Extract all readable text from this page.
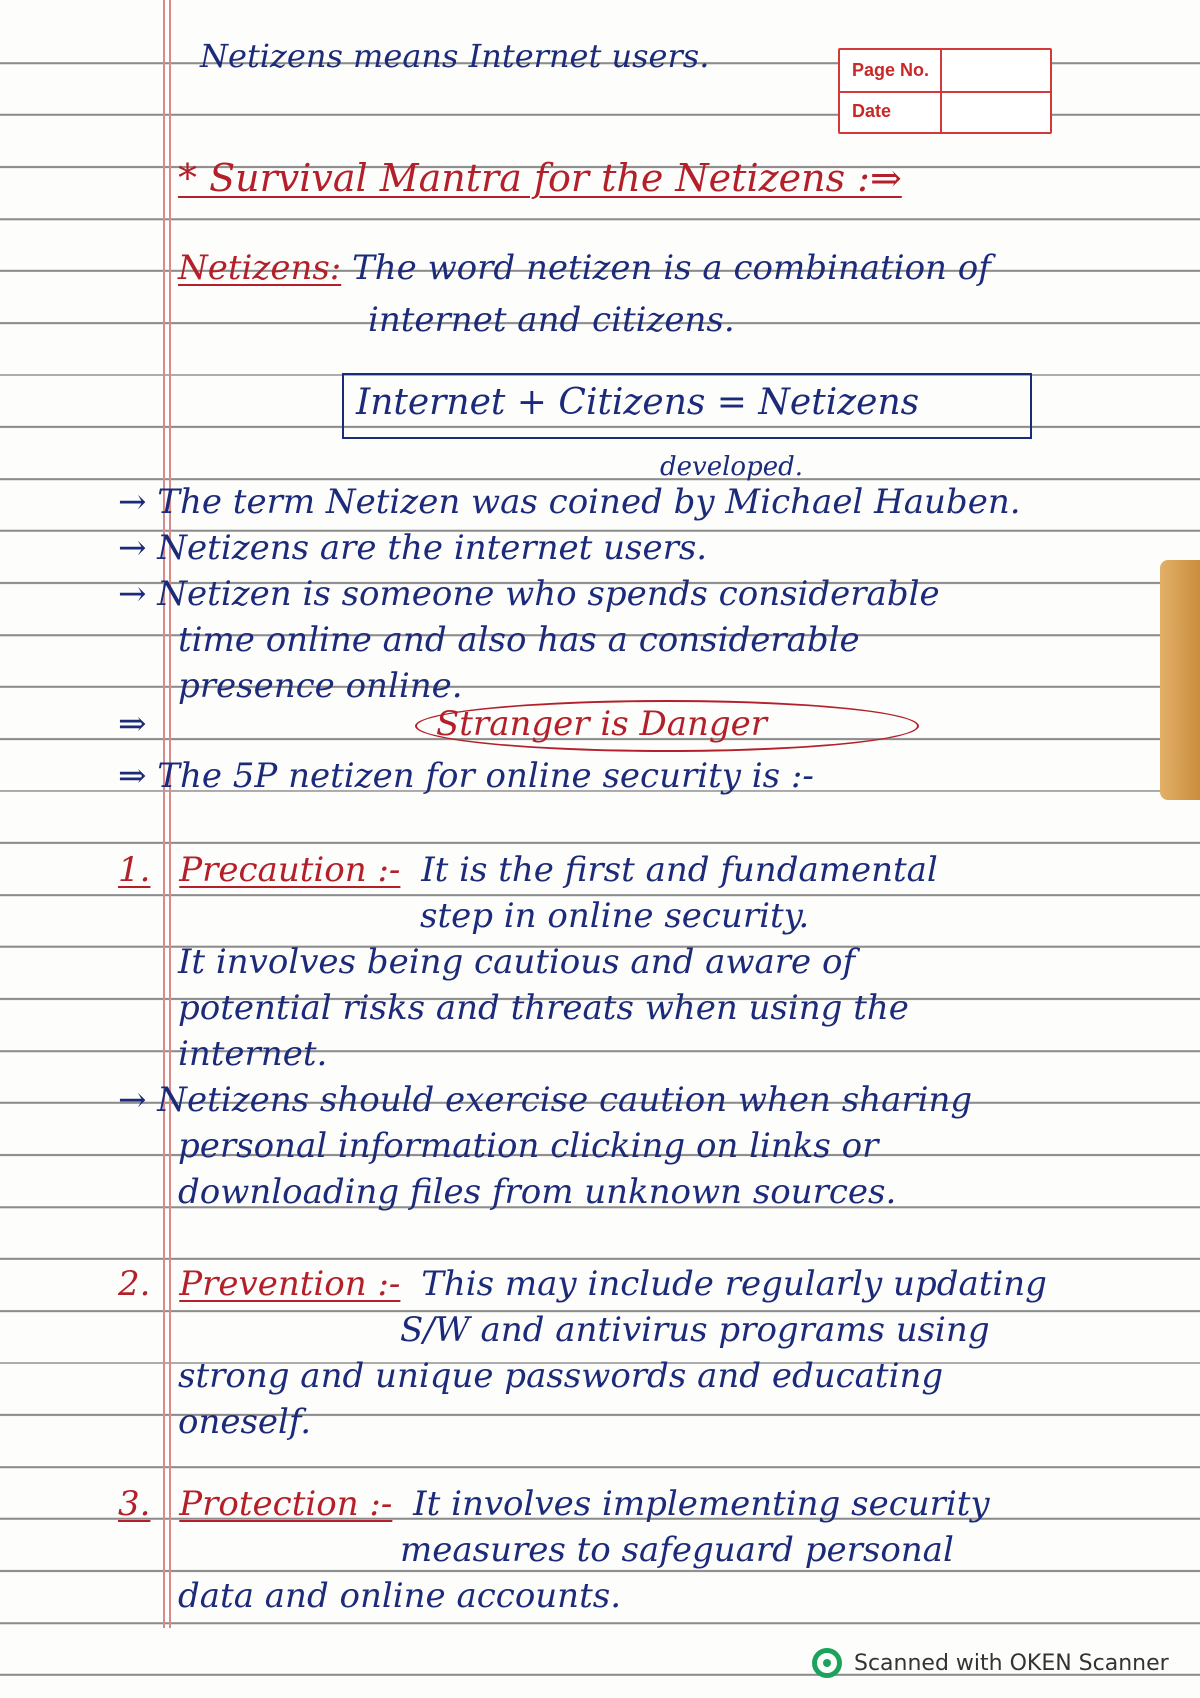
Netizens means Internet users.	Page No.
Date
* Survival Mantra for the Netizens :⇒
Netizens: The word netizen is a combination of
internet and citizens.
Internet + Citizens = Netizens
developed.
→ The term Netizen was coined by Michael Hauben.
→ Netizens are the internet users.
→ Netizen is someone who spends considerable
time online and also has a considerable
presence online.
⇒	Stranger is Danger
⇒ The 5P netizen for online security is :-
1. Precaution :- It is the first and fundamental
step in online security.
It involves being cautious and aware of
potential risks and threats when using the
internet.
→ Netizens should exercise caution when sharing
personal information clicking on links or
downloading files from unknown sources.
2. Prevention :- This may include regularly updating
S/W and antivirus programs using
strong and unique passwords and educating
oneself.
3. Protection :- It involves implementing security
measures to safeguard personal
data and online accounts.
Scanned with OKEN Scanner
